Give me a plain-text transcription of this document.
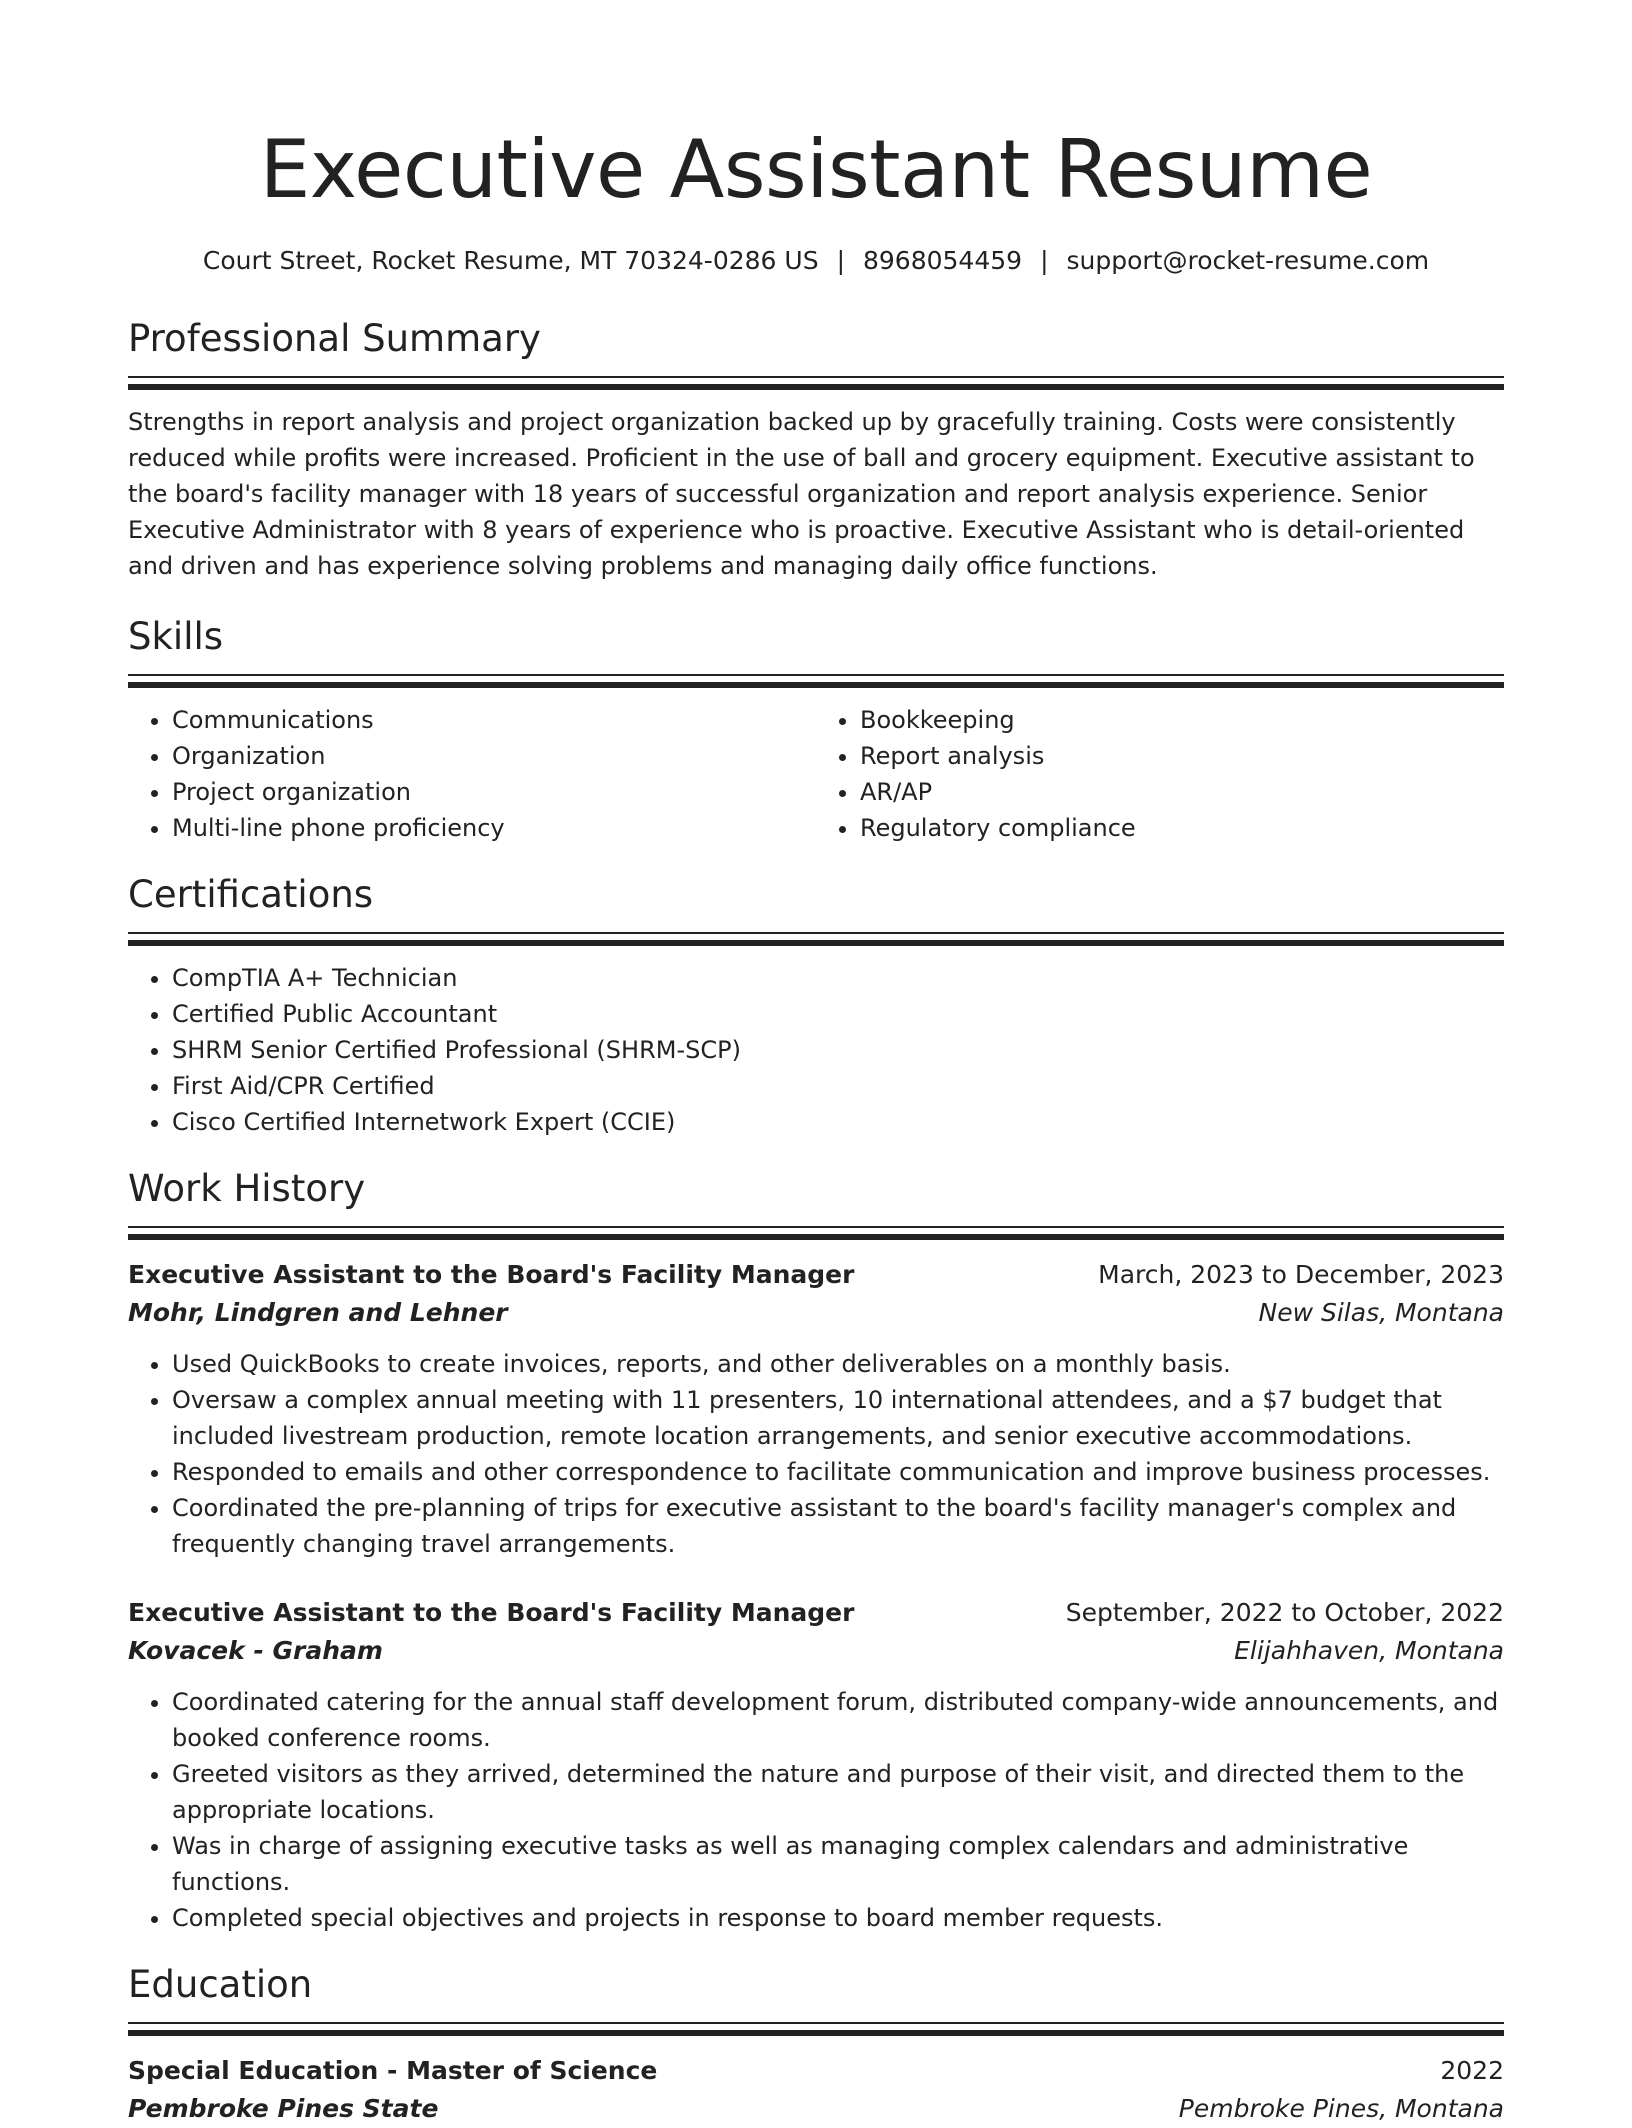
Executive Assistant Resume
Court Street, Rocket Resume, MT 70324-0286 US | 8968054459 | support@rocket-resume.com
Professional Summary
Strengths in report analysis and project organization backed up by gracefully training. Costs were consistently reduced while profits were increased. Proficient in the use of ball and grocery equipment. Executive assistant to the board's facility manager with 18 years of successful organization and report analysis experience. Senior Executive Administrator with 8 years of experience who is proactive. Executive Assistant who is detail-oriented and driven and has experience solving problems and managing daily office functions.
Skills
• Communications
• Organization
• Project organization
• Multi-line phone proficiency
• Bookkeeping
• Report analysis
• AR/AP
• Regulatory compliance
Certifications
• CompTIA A+ Technician
• Certified Public Accountant
• SHRM Senior Certified Professional (SHRM-SCP)
• First Aid/CPR Certified
• Cisco Certified Internetwork Expert (CCIE)
Work History
Executive Assistant to the Board's Facility Manager	March, 2023 to December, 2023
Mohr, Lindgren and Lehner	New Silas, Montana
• Used QuickBooks to create invoices, reports, and other deliverables on a monthly basis.
• Oversaw a complex annual meeting with 11 presenters, 10 international attendees, and a $7 budget that included livestream production, remote location arrangements, and senior executive accommodations.
• Responded to emails and other correspondence to facilitate communication and improve business processes.
• Coordinated the pre-planning of trips for executive assistant to the board's facility manager's complex and frequently changing travel arrangements.
Executive Assistant to the Board's Facility Manager	September, 2022 to October, 2022
Kovacek - Graham	Elijahhaven, Montana
• Coordinated catering for the annual staff development forum, distributed company-wide announcements, and booked conference rooms.
• Greeted visitors as they arrived, determined the nature and purpose of their visit, and directed them to the appropriate locations.
• Was in charge of assigning executive tasks as well as managing complex calendars and administrative functions.
• Completed special objectives and projects in response to board member requests.
Education
Special Education - Master of Science	2022
Pembroke Pines State	Pembroke Pines, Montana
